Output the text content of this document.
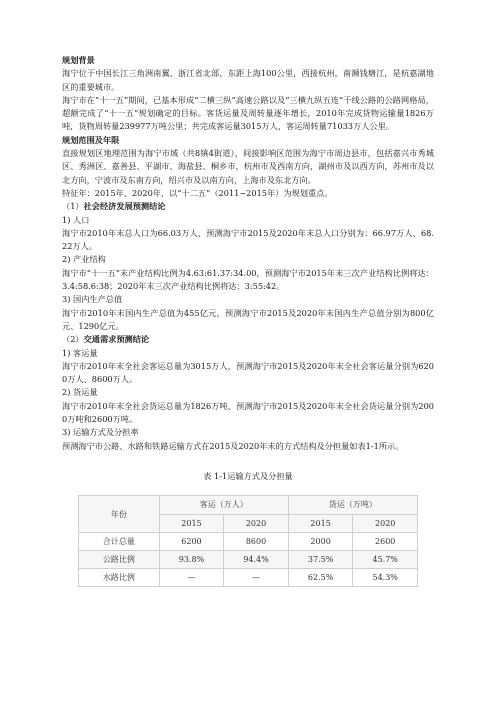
规划背景

海宁位于中国长江三角洲南翼、浙江省北部，东距上海100公里，西接杭州，南濒钱塘江，是杭嘉湖地区的重要城市。

海宁市在“十一五”期间，已基本形成“二横三纵”高速公路以及“三横九纵五连”干线公路的公路网格局，超额完成了“十一五”规划确定的目标。客货运量及周转量逐年增长，2010年完成货物运输量1826万吨，货物周转量239977万吨公里；共完成客运量3015万人，客运周转量71033万人公里。

规划范围及年限

直接规划区地理范围为海宁市域（共8镇4街道），间接影响区范围为海宁市周边县市，包括嘉兴市秀城区、秀洲区、嘉善县、平湖市、海盐县、桐乡市，杭州市及西南方向，湖州市及以西方向，苏州市及以北方向，宁波市及东南方向，绍兴市及以南方向，上海市及东北方向。

特征年：2015年、2020年，以“十二五”（2011~2015年）为规划重点。

（1）社会经济发展预测结论

1) 人口

海宁市2010年末总人口为66.03万人，预测海宁市2015及2020年末总人口分别为：66.97万人、68.22万人。

2) 产业结构

海宁市“十一五”末产业结构比例为4.63:61.37:34.00，预测海宁市2015年末三次产业结构比例将达：3.4:58.6:38；2020年末三次产业结构比例将达：3:55:42。

3) 国内生产总值

海宁市2010年末国内生产总值为455亿元，预测海宁市2015及2020年末国内生产总值分别为800亿元、1290亿元。

（2）交通需求预测结论

1) 客运量

海宁市2010年末全社会客运总量为3015万人，预测海宁市2015及2020年末全社会客运量分别为6200万人、8600万人。

2) 货运量

海宁市2010年末全社会货运总量为1826万吨，预测海宁市2015及2020年末全社会货运量分别为2000万吨和2600万吨。

3) 运输方式及分担率

预测海宁市公路、水路和铁路运输方式在2015及2020年末的方式结构及分担量如表1-1所示。

表 1-1运输方式及分担量
年份	客运（万人）		货运（万吨）	
	2015	2020	2015	2020
合计总量	6200	8600	2000	2600
公路比例	93.8%	94.4%	37.5%	45.7%
水路比例	—	—	62.5%	54.3%
